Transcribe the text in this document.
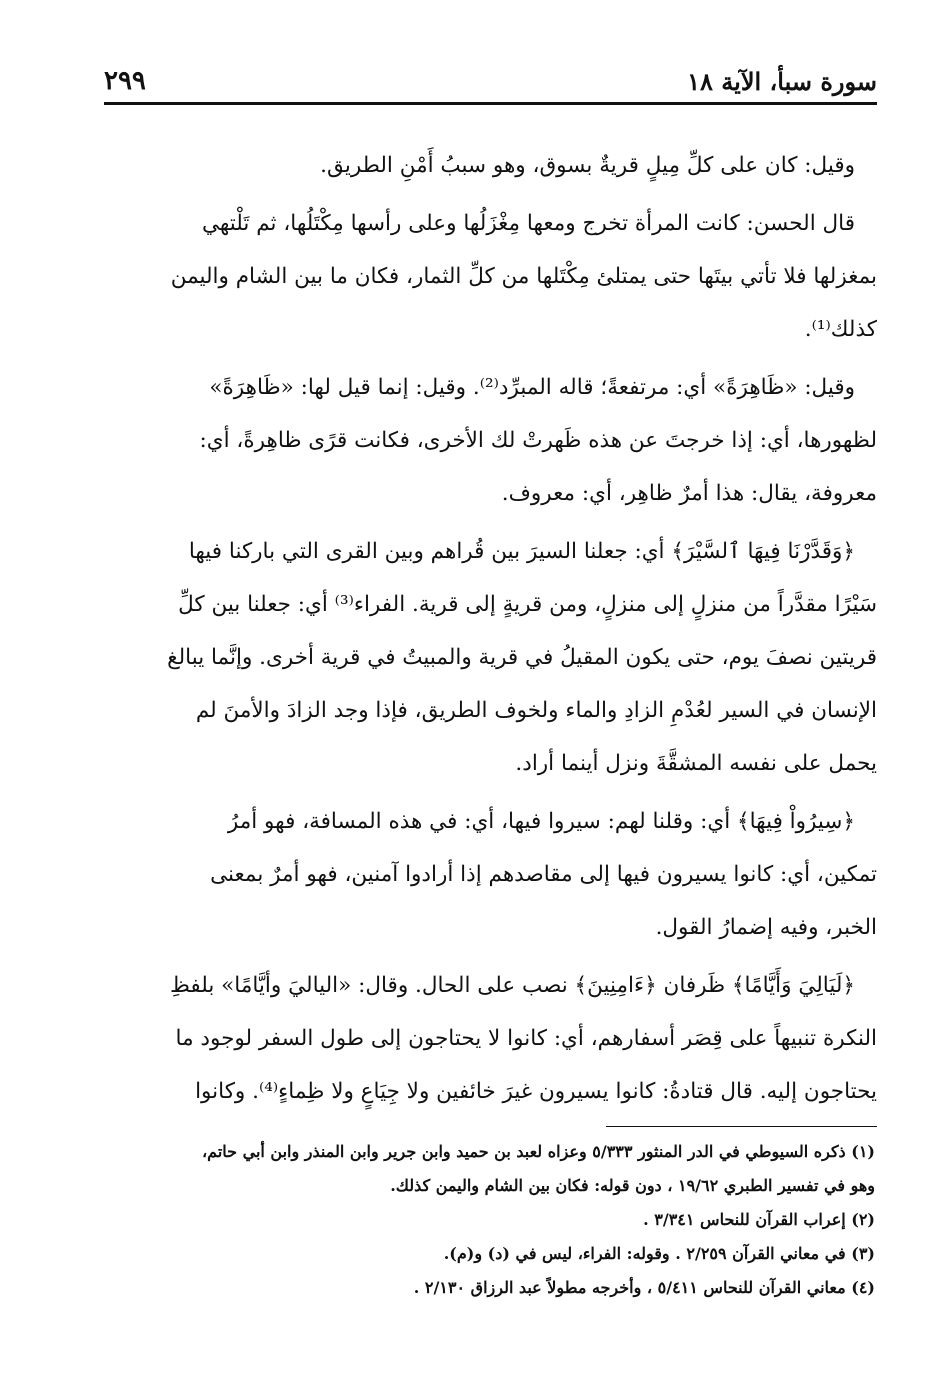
٢٩٩	سورة سبأ، الآية ١٨

وقيل: كان على كلِّ مِيلٍ قريةٌ بسوق، وهو سببُ أَمْنِ الطريق.

قال الحسن: كانت المرأة تخرج ومعها مِغْزَلُها وعلى رأسها مِكْتَلُها، ثم تَلْتهي
بمغزلها فلا تأتي بيتَها حتى يمتلئ مِكْتَلها من كلِّ الثمار، فكان ما بين الشام واليمن
كذلك⁽¹⁾.

وقيل: «ظَاهِرَةً» أي: مرتفعةً؛ قاله المبرِّد⁽²⁾. وقيل: إنما قيل لها: «ظَاهِرَةً»
لظهورها، أي: إذا خرجتَ عن هذه ظَهرتْ لك الأخرى، فكانت قرًى ظاهِرةً، أي:
معروفة، يقال: هذا أمرٌ ظاهِر، أي: معروف.

﴿وَقَدَّرْنَا فِيهَا ٱلسَّيْرَ﴾ أي: جعلنا السيرَ بين قُراهم وبين القرى التي باركنا فيها
سَيْرًا مقدَّراً من منزلٍ إلى منزلٍ، ومن قريةٍ إلى قرية. الفراء⁽³⁾ أي: جعلنا بين كلِّ
قريتين نصفَ يوم، حتى يكون المقيلُ في قرية والمبيتُ في قرية أخرى. وإنَّما يبالغ
الإنسان في السير لعُدْمِ الزادِ والماء ولخوف الطريق، فإذا وجد الزادَ والأمنَ لم
يحمل على نفسه المشقَّةَ ونزل أينما أراد.

﴿سِيرُواْ فِيهَا﴾ أي: وقلنا لهم: سيروا فيها، أي: في هذه المسافة، فهو أمرُ
تمكين، أي: كانوا يسيرون فيها إلى مقاصدهم إذا أرادوا آمنين، فهو أمرٌ بمعنى
الخبر، وفيه إضمارُ القول.

﴿لَيَالِيَ وَأَيَّامًا﴾ ظَرفان ﴿ءَامِنِينَ﴾ نصب على الحال. وقال: «الياليَ وأيَّامًا» بلفظِ
النكرة تنبيهاً على قِصَر أسفارهم، أي: كانوا لا يحتاجون إلى طول السفر لوجود ما
يحتاجون إليه. قال قتادةُ: كانوا يسيرون غيرَ خائفين ولا جِيَاعٍ ولا ظِماءٍ⁽⁴⁾. وكانوا

(١) ذكره السيوطي في الدر المنثور ٥/٣٣٣ وعزاه لعبد بن حميد وابن جرير وابن المنذر وابن أبي حاتم،
وهو في تفسير الطبري ١٩/٦٢ ، دون قوله: فكان بين الشام واليمن كذلك.

(٢) إعراب القرآن للنحاس ٣/٣٤١ .

(٣) في معاني القرآن ٢/٢٥٩ . وقوله: الفراء، ليس في (د) و(م).

(٤) معاني القرآن للنحاس ٥/٤١١ ، وأخرجه مطولاً عبد الرزاق ٢/١٣٠ .
